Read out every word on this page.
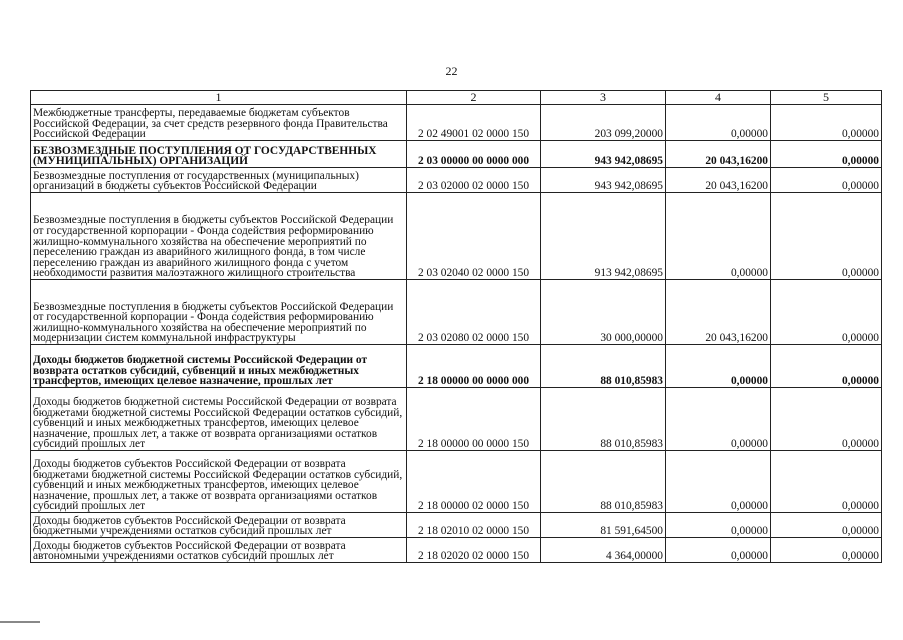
22
1	2	3	4	5
Межбюджетные трансферты, передаваемые бюджетам субъектов Российской Федерации, за счет средств резервного фонда Правительства Российской Федерации	2 02 49001 02 0000 150	203 099,20000	0,00000	0,00000
БЕЗВОЗМЕЗДНЫЕ ПОСТУПЛЕНИЯ ОТ ГОСУДАРСТВЕННЫХ (МУНИЦИПАЛЬНЫХ) ОРГАНИЗАЦИЙ	2 03 00000 00 0000 000	943 942,08695	20 043,16200	0,00000
Безвозмездные поступления от государственных (муниципальных) организаций в бюджеты субъектов Российской Федерации	2 03 02000 02 0000 150	943 942,08695	20 043,16200	0,00000
Безвозмездные поступления в бюджеты субъектов Российской Федерации от государственной корпорации - Фонда содействия реформированию жилищно-коммунального хозяйства на обеспечение мероприятий по переселению граждан из аварийного жилищного фонда, в том числе переселению граждан из аварийного жилищного фонда с учетом необходимости развития малоэтажного жилищного строительства	2 03 02040 02 0000 150	913 942,08695	0,00000	0,00000
Безвозмездные поступления в бюджеты субъектов Российской Федерации от государственной корпорации - Фонда содействия реформированию жилищно-коммунального хозяйства на обеспечение мероприятий по модернизации систем коммунальной инфраструктуры	2 03 02080 02 0000 150	30 000,00000	20 043,16200	0,00000
Доходы бюджетов бюджетной системы Российской Федерации от возврата остатков субсидий, субвенций и иных межбюджетных трансфертов, имеющих целевое назначение, прошлых лет	2 18 00000 00 0000 000	88 010,85983	0,00000	0,00000
Доходы бюджетов бюджетной системы Российской Федерации от возврата бюджетами бюджетной системы Российской Федерации остатков субсидий, субвенций и иных межбюджетных трансфертов, имеющих целевое назначение, прошлых лет, а также от возврата организациями остатков субсидий прошлых лет	2 18 00000 00 0000 150	88 010,85983	0,00000	0,00000
Доходы бюджетов субъектов Российской Федерации от возврата бюджетами бюджетной системы Российской Федерации остатков субсидий, субвенций и иных межбюджетных трансфертов, имеющих целевое назначение, прошлых лет, а также от возврата организациями остатков субсидий прошлых лет	2 18 00000 02 0000 150	88 010,85983	0,00000	0,00000
Доходы бюджетов субъектов Российской Федерации от возврата бюджетными учреждениями остатков субсидий прошлых лет	2 18 02010 02 0000 150	81 591,64500	0,00000	0,00000
Доходы бюджетов субъектов Российской Федерации от возврата автономными учреждениями остатков субсидий прошлых лет	2 18 02020 02 0000 150	4 364,00000	0,00000	0,00000
